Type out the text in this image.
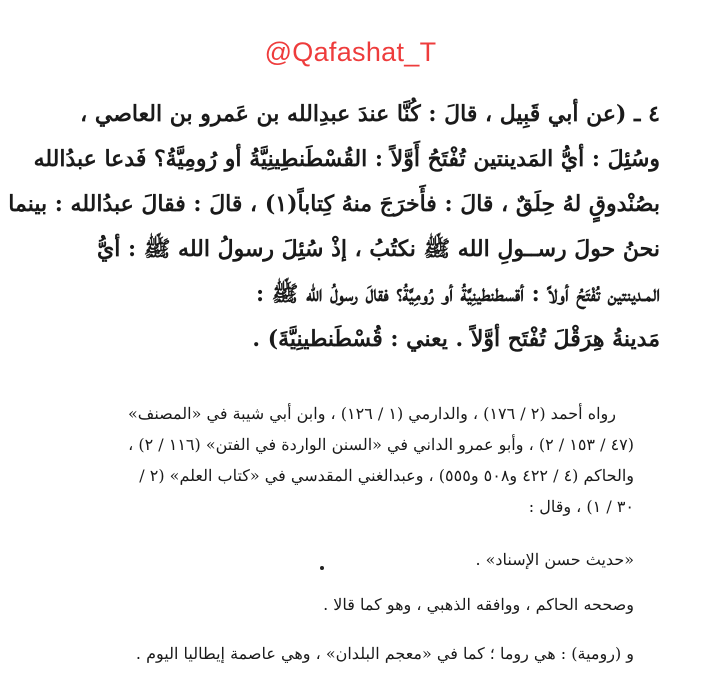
@Qafashat_T
٤ ـ (عن أبي قَبِيل ، قالَ : كُنَّا عندَ عبدِالله بن عَمرو بن العاصي ،
وسُئِلَ : أيُّ المَدينتين تُفْتَحُ أَوَّلاً : القُسْطَنطِينِيَّةُ أو رُومِيَّةُ؟ فَدعا عبدُالله
بصُنْدوقٍ لهُ حِلَقٌ ، قالَ : فأَخرَجَ منهُ كِتاباً(١) ، قالَ : فقالَ عبدُالله : بينما
نحنُ حولَ رســولِ الله ﷺ نكتُبُ ، إذْ سُئِلَ رسولُ الله ﷺ : أيُّ
المـدينتين تُفْتَحُ أولاً : أقسطنطينِيَّةُ أو رُومِيَّةُ؟ فقالَ رسولُ الله ﷺ :
مَدينةُ هِرَقْلَ تُفْتَح أوَّلاً . يعني : قُسْطَنطينِيَّةَ) .
رواه أحمد (٢ / ١٧٦) ، والدارمي (١ / ١٢٦) ، وابن أبي شيبة في «المصنف»
(٤٧ / ١٥٣ / ٢) ، وأبو عمرو الداني في «السنن الواردة في الفتن» (١١٦ / ٢) ،
والحاكم (٤ / ٤٢٢ و٥٠٨ و٥٥٥) ، وعبدالغني المقدسي في «كتاب العلم» (٢ /
٣٠ / ١) ، وقال :
«حديث حسن الإسناد» .
وصححه الحاكم ، ووافقه الذهبي ، وهو كما قالا .
و (رومية) : هي روما ؛ كما في «معجم البلدان» ، وهي عاصمة إيطاليا اليوم .
